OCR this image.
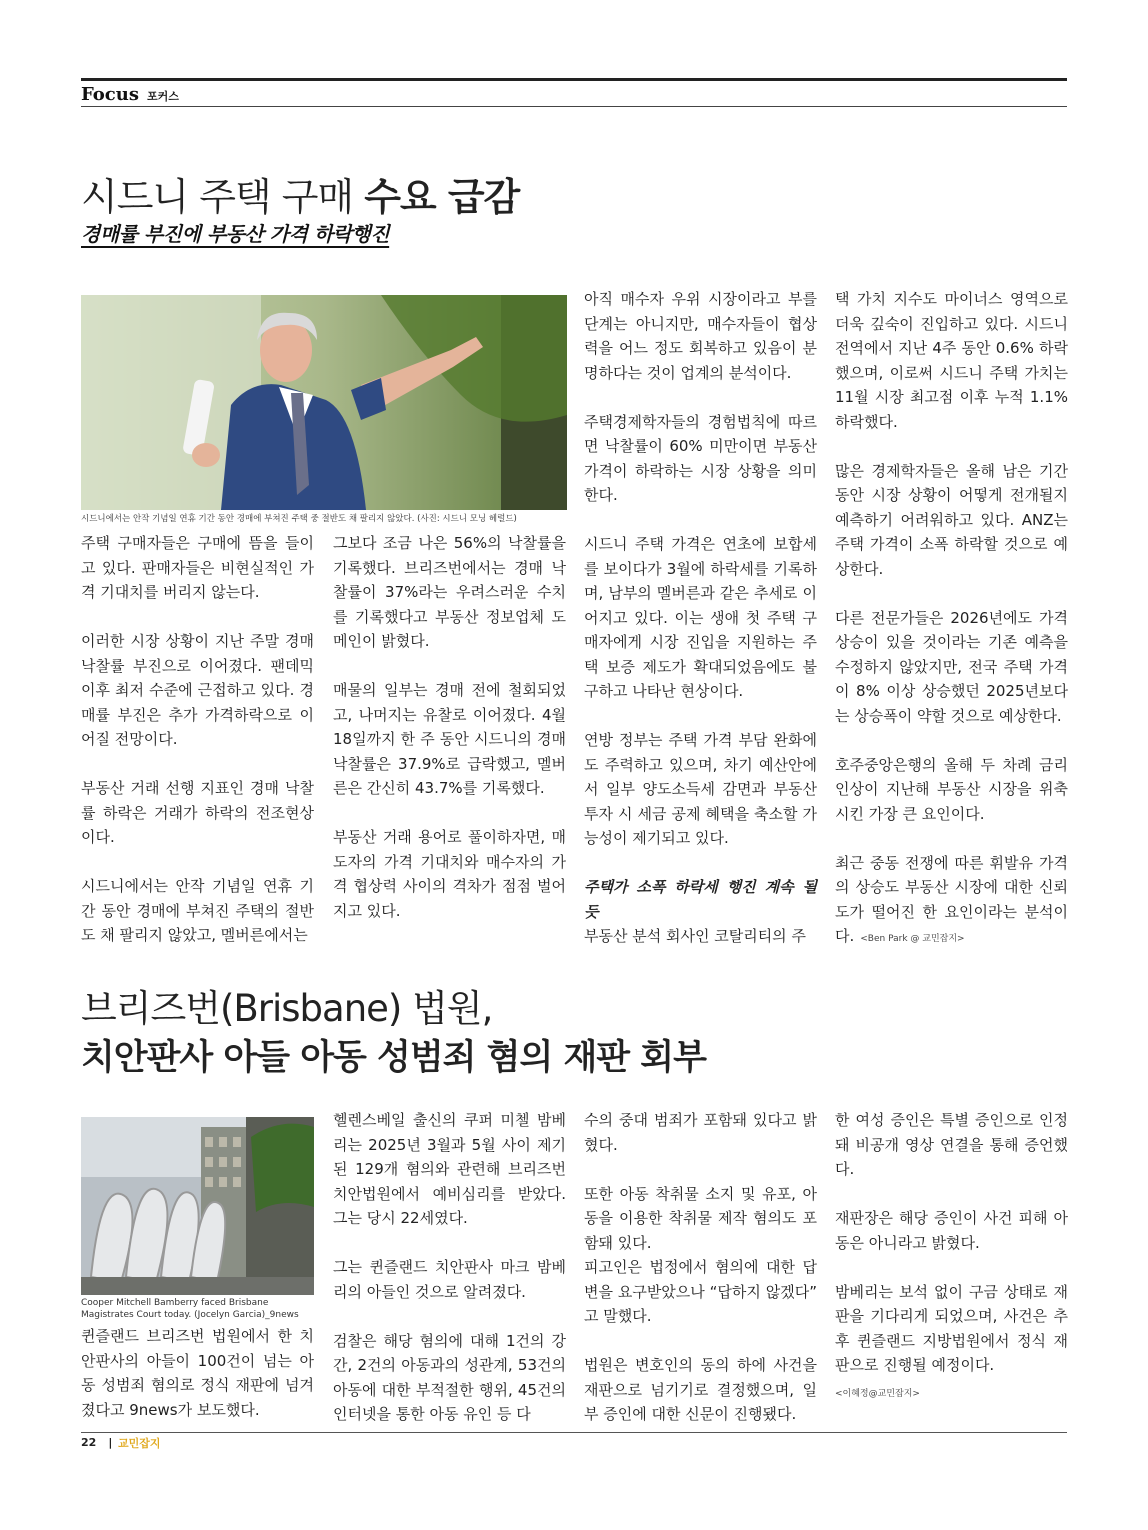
Focus 포커스
시드니 주택 구매 수요 급감
경매률 부진에 부동산 가격 하락행진
시드니에서는 안작 기념일 연휴 기간 동안 경매에 부쳐진 주택 중 절반도 채 팔리지 않았다. (사진: 시드니 모닝 헤럴드)

주택 구매자들은 구매에 뜸을 들이고 있다. 판매자들은 비현실적인 가격 기대치를 버리지 않는다.

이러한 시장 상황이 지난 주말 경매 낙찰률 부진으로 이어졌다. 팬데믹 이후 최저 수준에 근접하고 있다. 경매률 부진은 추가 가격하락으로 이어질 전망이다.

부동산 거래 선행 지표인 경매 낙찰률 하락은 거래가 하락의 전조현상이다.

시드니에서는 안작 기념일 연휴 기간 동안 경매에 부쳐진 주택의 절반도 채 팔리지 않았고, 멜버른에서는

그보다 조금 나은 56%의 낙찰률을 기록했다. 브리즈번에서는 경매 낙찰률이 37%라는 우려스러운 수치를 기록했다고 부동산 정보업체 도메인이 밝혔다.

매물의 일부는 경매 전에 철회되었고, 나머지는 유찰로 이어졌다. 4월 18일까지 한 주 동안 시드니의 경매 낙찰률은 37.9%로 급락했고, 멜버른은 간신히 43.7%를 기록했다.

부동산 거래 용어로 풀이하자면, 매도자의 가격 기대치와 매수자의 가격 협상력 사이의 격차가 점점 벌어지고 있다.

아직 매수자 우위 시장이라고 부를 단계는 아니지만, 매수자들이 협상력을 어느 정도 회복하고 있음이 분명하다는 것이 업계의 분석이다.

주택경제학자들의 경험법칙에 따르면 낙찰률이 60% 미만이면 부동산 가격이 하락하는 시장 상황을 의미한다.

시드니 주택 가격은 연초에 보합세를 보이다가 3월에 하락세를 기록하며, 남부의 멜버른과 같은 추세로 이어지고 있다. 이는 생애 첫 주택 구매자에게 시장 진입을 지원하는 주택 보증 제도가 확대되었음에도 불구하고 나타난 현상이다.

연방 정부는 주택 가격 부담 완화에도 주력하고 있으며, 차기 예산안에서 일부 양도소득세 감면과 부동산 투자 시 세금 공제 혜택을 축소할 가능성이 제기되고 있다.

주택가 소폭 하락세 행진 계속 될 듯

부동산 분석 회사인 코탈리티의 주

택 가치 지수도 마이너스 영역으로 더욱 깊숙이 진입하고 있다. 시드니 전역에서 지난 4주 동안 0.6% 하락했으며, 이로써 시드니 주택 가치는 11월 시장 최고점 이후 누적 1.1% 하락했다.

많은 경제학자들은 올해 남은 기간 동안 시장 상황이 어떻게 전개될지 예측하기 어려워하고 있다. ANZ는 주택 가격이 소폭 하락할 것으로 예상한다.

다른 전문가들은 2026년에도 가격 상승이 있을 것이라는 기존 예측을 수정하지 않았지만, 전국 주택 가격이 8% 이상 상승했던 2025년보다는 상승폭이 약할 것으로 예상한다.

호주중앙은행의 올해 두 차례 금리 인상이 지난해 부동산 시장을 위축시킨 가장 큰 요인이다.

최근 중동 전쟁에 따른 휘발유 가격의 상승도 부동산 시장에 대한 신뢰도가 떨어진 한 요인이라는 분석이다. <Ben Park @ 교민잡지>

브리즈번(Brisbane) 법원,
치안판사 아들 아동 성범죄 혐의 재판 회부
Cooper Mitchell Bamberry faced Brisbane Magistrates Court today. (Jocelyn Garcia)_9news

퀸즐랜드 브리즈번 법원에서 한 치안판사의 아들이 100건이 넘는 아동 성범죄 혐의로 정식 재판에 넘겨졌다고 9news가 보도했다.

헬렌스베일 출신의 쿠퍼 미첼 밤베리는 2025년 3월과 5월 사이 제기된 129개 혐의와 관련해 브리즈번 치안법원에서 예비심리를 받았다. 그는 당시 22세였다.

그는 퀸즐랜드 치안판사 마크 밤베리의 아들인 것으로 알려졌다.

검찰은 해당 혐의에 대해 1건의 강간, 2건의 아동과의 성관계, 53건의 아동에 대한 부적절한 행위, 45건의 인터넷을 통한 아동 유인 등 다

수의 중대 범죄가 포함돼 있다고 밝혔다.

또한 아동 착취물 소지 및 유포, 아동을 이용한 착취물 제작 혐의도 포함돼 있다.

피고인은 법정에서 혐의에 대한 답변을 요구받았으나 “답하지 않겠다” 고 말했다.

법원은 변호인의 동의 하에 사건을 재판으로 넘기기로 결정했으며, 일부 증인에 대한 신문이 진행됐다.

한 여성 증인은 특별 증인으로 인정돼 비공개 영상 연결을 통해 증언했다.

재판장은 해당 증인이 사건 피해 아동은 아니라고 밝혔다.

밤베리는 보석 없이 구금 상태로 재판을 기다리게 되었으며, 사건은 추후 퀸즐랜드 지방법원에서 정식 재판으로 진행될 예정이다.

<이혜정@교민잡지>
22 | 교민잡지
